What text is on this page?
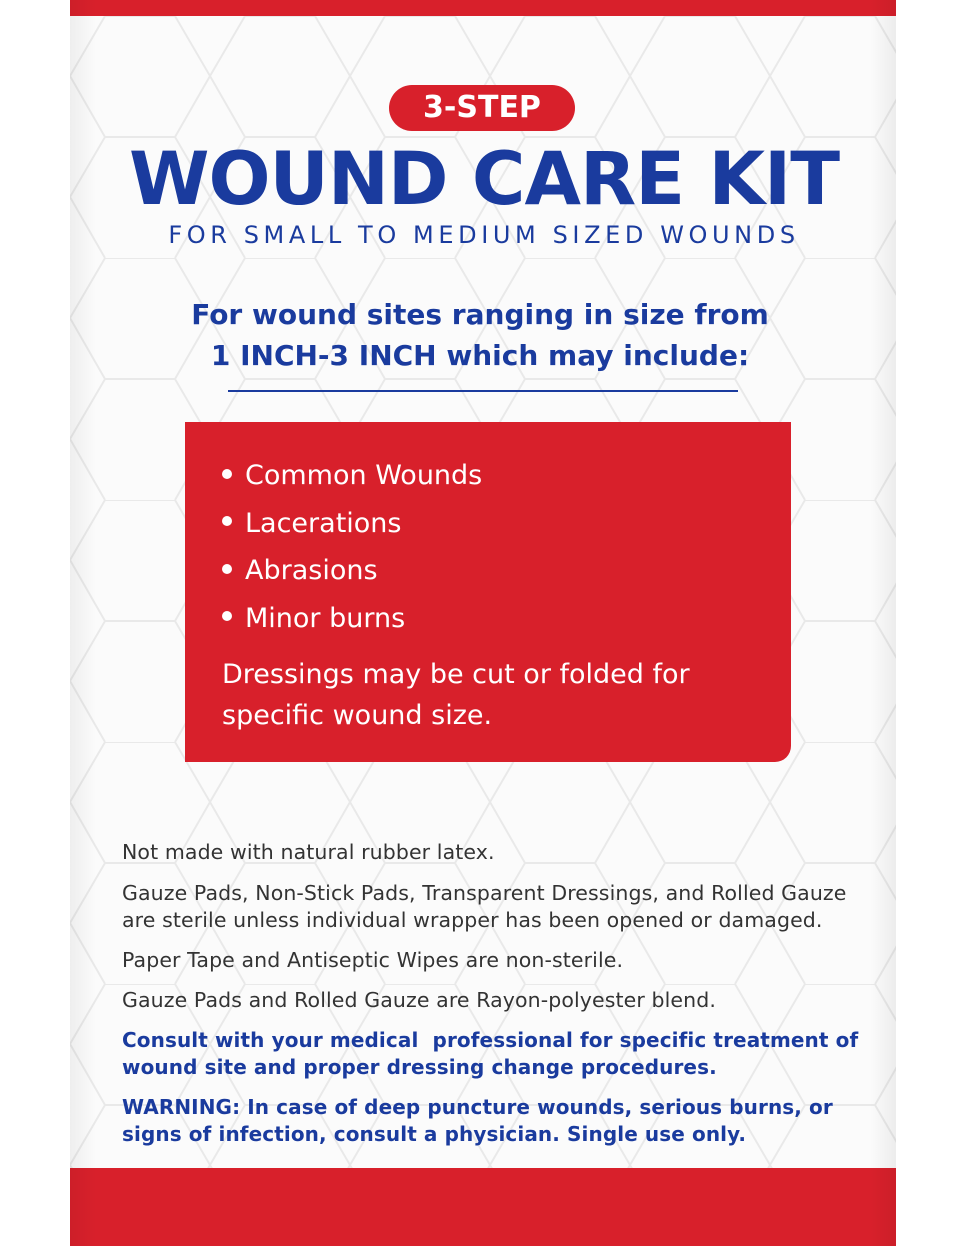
3-STEP
WOUND CARE KIT
FOR SMALL TO MEDIUM SIZED WOUNDS
For wound sites ranging in size from
1 INCH-3 INCH which may include:
Common Wounds
Lacerations
Abrasions
Minor burns
Dressings may be cut or folded for
specific wound size.

Not made with natural rubber latex.

Gauze Pads, Non-Stick Pads, Transparent Dressings, and Rolled Gauze
are sterile unless individual wrapper has been opened or damaged.

Paper Tape and Antiseptic Wipes are non-sterile.

Gauze Pads and Rolled Gauze are Rayon-polyester blend.

Consult with your medical  professional for specific treatment of
wound site and proper dressing change procedures.
WARNING: In case of deep puncture wounds, serious burns, or
signs of infection, consult a physician. Single use only.
